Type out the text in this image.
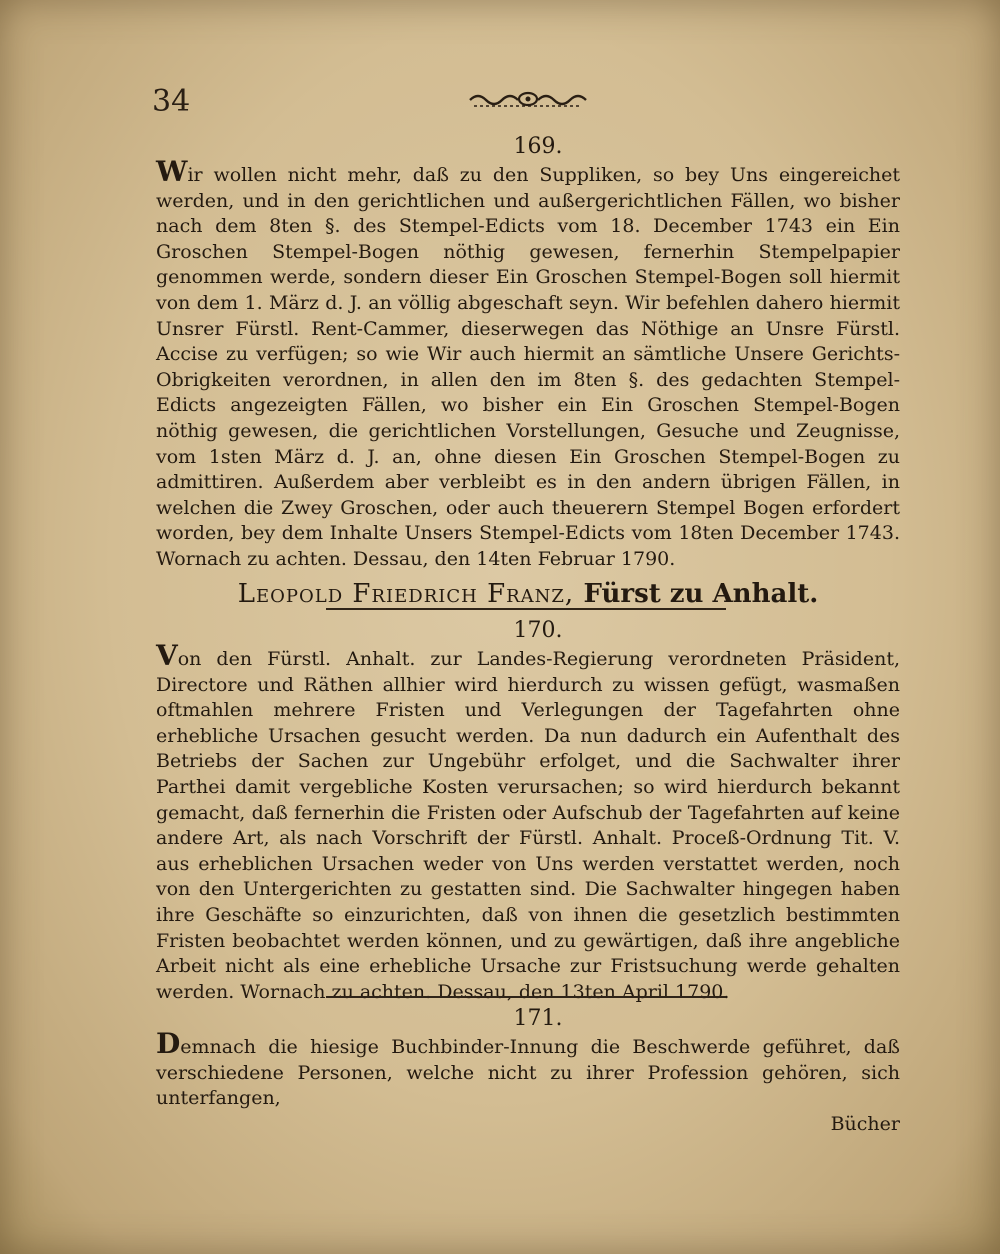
34

169.

Wir wollen nicht mehr, daß zu den Suppliken, so bey Uns eingereichet werden, und in den gerichtlichen und außergerichtlichen Fällen, wo bisher nach dem 8ten §. des Stempel-Edicts vom 18. December 1743 ein Ein Groschen Stempel-Bogen nöthig gewesen, fernerhin Stempelpapier genommen werde, sondern dieser Ein Groschen Stempel-Bogen soll hiermit von dem 1. März d. J. an völlig abgeschaft seyn. Wir befehlen dahero hiermit Unsrer Fürstl. Rent-Cammer, dieserwegen das Nöthige an Unsre Fürstl. Accise zu verfügen; so wie Wir auch hiermit an sämtliche Unsere Gerichts-Obrigkeiten verordnen, in allen den im 8ten §. des gedachten Stempel-Edicts angezeigten Fällen, wo bisher ein Ein Groschen Stempel-Bogen nöthig gewesen, die gerichtlichen Vorstellungen, Gesuche und Zeugnisse, vom 1sten März d. J. an, ohne diesen Ein Groschen Stempel-Bogen zu admittiren. Außerdem aber verbleibt es in den andern übrigen Fällen, in welchen die Zwey Groschen, oder auch theuerern Stempel Bogen erfordert worden, bey dem Inhalte Unsers Stempel-Edicts vom 18ten December 1743. Wornach zu achten. Dessau, den 14ten Februar 1790.

Leopold Friedrich Franz, Fürst zu Anhalt.

170.

Von den Fürstl. Anhalt. zur Landes-Regierung verordneten Präsident, Directore und Räthen allhier wird hierdurch zu wissen gefügt, wasmaßen oftmahlen mehrere Fristen und Verlegungen der Tagefahrten ohne erhebliche Ursachen gesucht werden. Da nun dadurch ein Aufenthalt des Betriebs der Sachen zur Ungebühr erfolget, und die Sachwalter ihrer Parthei damit vergebliche Kosten verursachen; so wird hierdurch bekannt gemacht, daß fernerhin die Fristen oder Aufschub der Tagefahrten auf keine andere Art, als nach Vorschrift der Fürstl. Anhalt. Proceß-Ordnung Tit. V. aus erheblichen Ursachen weder von Uns werden verstattet werden, noch von den Untergerichten zu gestatten sind. Die Sachwalter hingegen haben ihre Geschäfte so einzurichten, daß von ihnen die gesetzlich bestimmten Fristen beobachtet werden können, und zu gewärtigen, daß ihre angebliche Arbeit nicht als eine erhebliche Ursache zur Fristsuchung werde gehalten werden. Wornach zu achten. Dessau, den 13ten April 1790.

171.

Demnach die hiesige Buchbinder-Innung die Beschwerde geführet, daß verschiedene Personen, welche nicht zu ihrer Profession gehören, sich unterfangen,

Bücher
